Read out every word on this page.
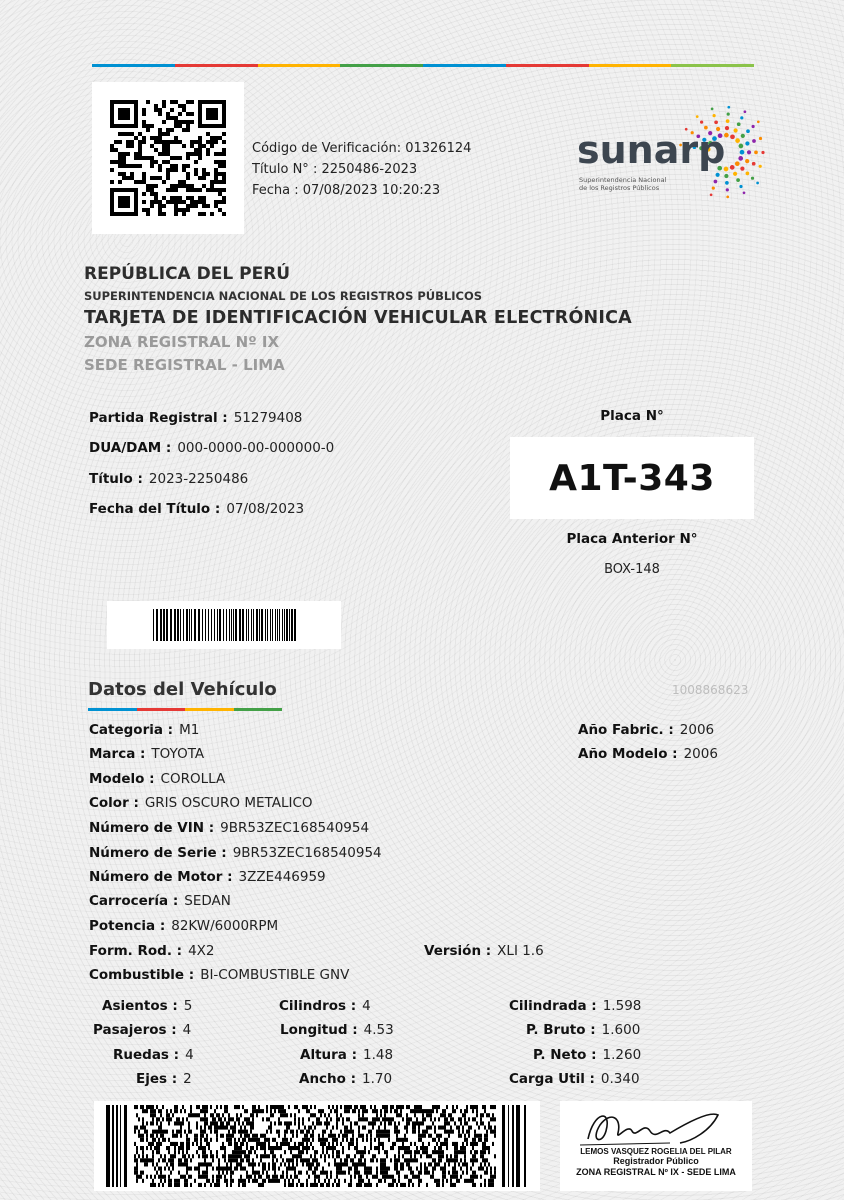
Código de Verificación: 01326124
Título N° : 2250486-2023
Fecha : 07/08/2023 10:20:23
sunarp
Superintendencia Nacional
de los Registros Públicos
REPÚBLICA DEL PERÚ
SUPERINTENDENCIA NACIONAL DE LOS REGISTROS PÚBLICOS
TARJETA DE IDENTIFICACIÓN VEHICULAR ELECTRÓNICA
ZONA REGISTRAL Nº IX
SEDE REGISTRAL - LIMA
Partida Registral : 51279408
DUA/DAM : 000-0000-00-000000-0
Título : 2023-2250486
Fecha del Título : 07/08/2023
Placa N°
A1T-343
Placa Anterior N°
BOX-148
Datos del Vehículo	1008868623
Categoria : M1
Marca : TOYOTA
Modelo : COROLLA
Color : GRIS OSCURO METALICO
Número de VIN : 9BR53ZEC168540954
Número de Serie : 9BR53ZEC168540954
Número de Motor : 3ZZE446959
Carrocería : SEDAN
Potencia : 82KW/6000RPM
Form. Rod. : 4X2
Combustible : BI-COMBUSTIBLE GNV
Versión : XLI 1.6
Año Fabric. : 2006
Año Modelo : 2006
Asientos : 5
Pasajeros : 4
Ruedas : 4
Ejes : 2
Cilindros : 4
Longitud : 4.53
Altura : 1.48
Ancho : 1.70
Cilindrada : 1.598
P. Bruto : 1.600
P. Neto : 1.260
Carga Util : 0.340
LEMOS VASQUEZ ROGELIA DEL PILAR
Registrador Público
ZONA REGISTRAL Nº IX - SEDE LIMA
